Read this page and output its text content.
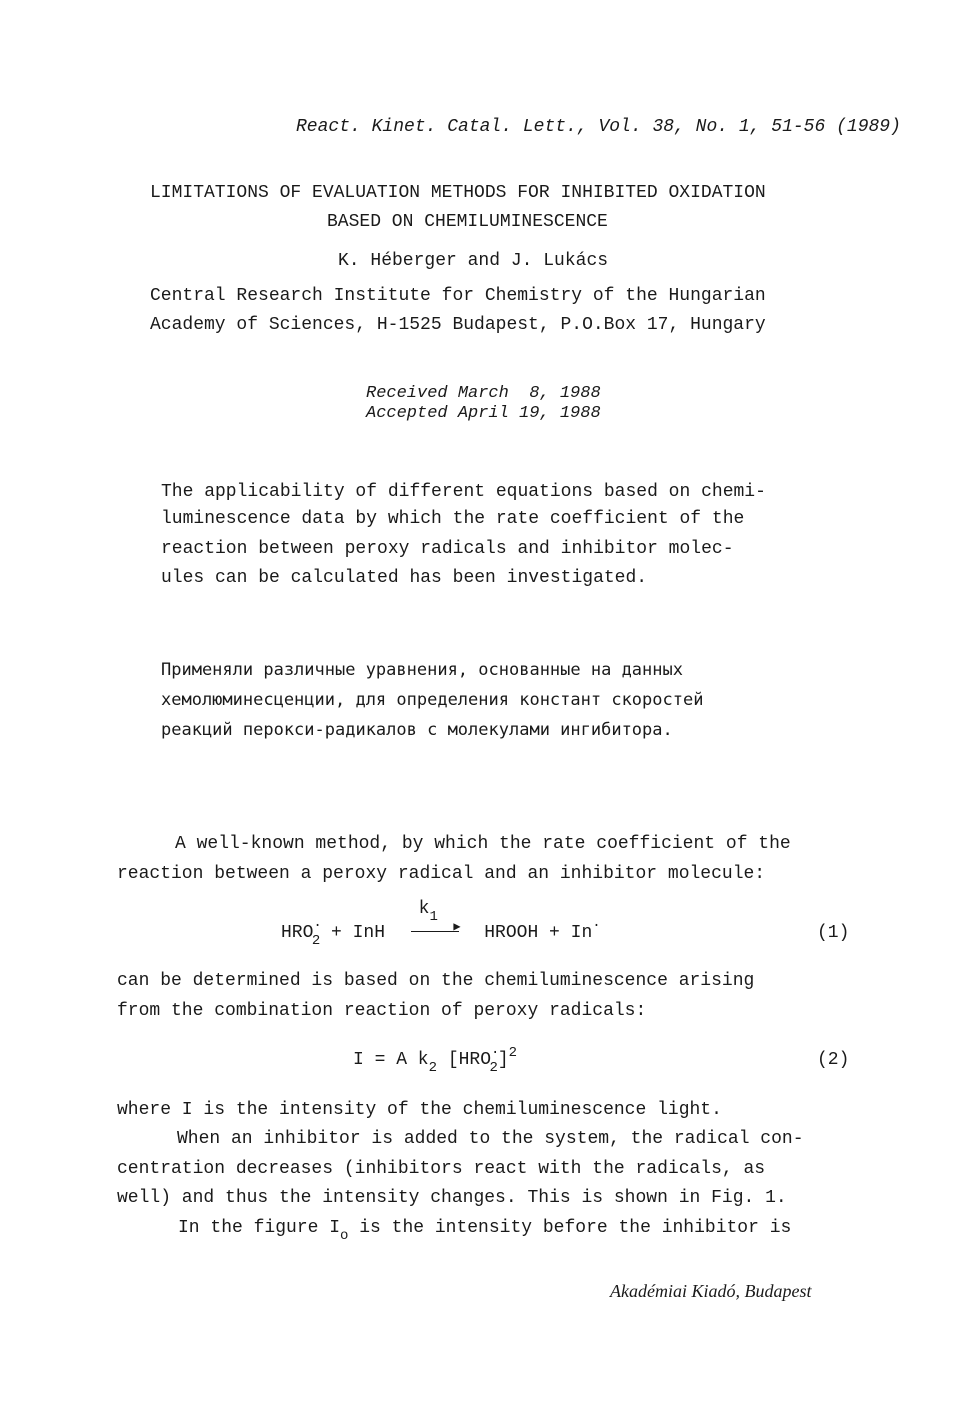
React. Kinet. Catal. Lett., Vol. 38, No. 1, 51-56 (1989)
LIMITATIONS OF EVALUATION METHODS FOR INHIBITED OXIDATION
BASED ON CHEMILUMINESCENCE
K. Héberger and J. Lukács
Central Research Institute for Chemistry of the Hungarian
Academy of Sciences, H-1525 Budapest, P.O.Box 17, Hungary
Received March  8, 1988
Accepted April 19, 1988
The applicability of different equations based on chemi-
luminescence data by which the rate coefficient of the
reaction between peroxy radicals and inhibitor molec-
ules can be calculated has been investigated.
Применяли различные уравнения, основанные на данных
хемолюминесценции, для определения констант скоростей
реакций перокси-радикалов с молекулами ингибитора.
A well-known method, by which the rate coefficient of the
reaction between a peroxy radical and an inhibitor molecule:
$HRO^\cdot_2$ + InH
$k_1$
▶ HROOH + In·	(1)
can be determined is based on the chemiluminescence arising
from the combination reaction of peroxy radicals:
I = A $k_2$ $[HRO^\cdot_2]^2$	(2)
where I is the intensity of the chemiluminescence light.
When an inhibitor is added to the system, the radical con-
centration decreases (inhibitors react with the radicals, as
well) and thus the intensity changes. This is shown in Fig. 1.
In the figure $I_o$ is the intensity before the inhibitor is
Akadémiai Kiadó, Budapest
